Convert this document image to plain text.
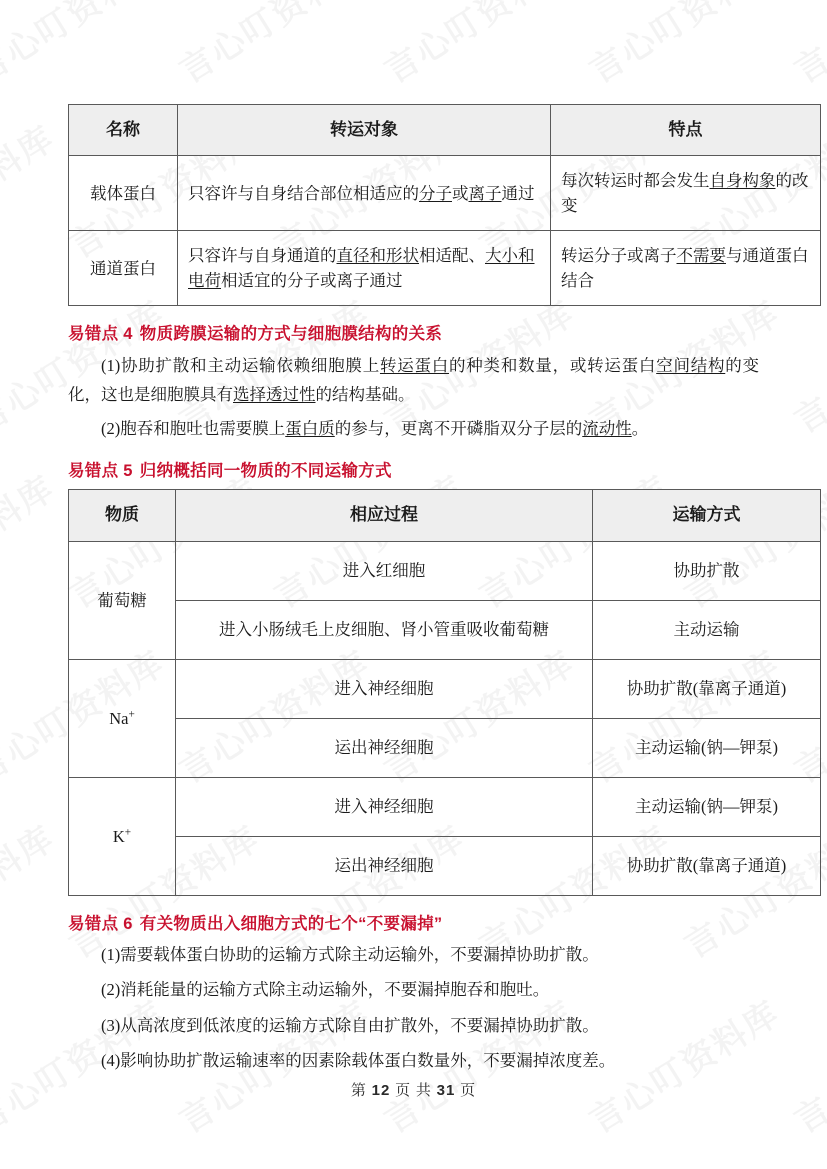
名称	转运对象	特点
载体蛋白	只容许与自身结合部位相适应的分子或离子通过	每次转运时都会发生自身构象的改变
通道蛋白	只容许与自身通道的直径和形状相适配、大小和电荷相适宜的分子或离子通过	转运分子或离子不需要与通道蛋白结合
易错点 4 物质跨膜运输的方式与细胞膜结构的关系

(1)协助扩散和主动运输依赖细胞膜上转运蛋白的种类和数量，或转运蛋白空间结构的变化，这也是细胞膜具有选择透过性的结构基础。

(2)胞吞和胞吐也需要膜上蛋白质的参与，更离不开磷脂双分子层的流动性。

易错点 5 归纳概括同一物质的不同运输方式
物质	相应过程	运输方式
葡萄糖	进入红细胞	协助扩散
	进入小肠绒毛上皮细胞、肾小管重吸收葡萄糖	主动运输
Na+	进入神经细胞	协助扩散(靠离子通道)
	运出神经细胞	主动运输(钠—钾泵)
K+	进入神经细胞	主动运输(钠—钾泵)
	运出神经细胞	协助扩散(靠离子通道)
易错点 6 有关物质出入细胞方式的七个“不要漏掉”

(1)需要载体蛋白协助的运输方式除主动运输外，不要漏掉协助扩散。

(2)消耗能量的运输方式除主动运输外，不要漏掉胞吞和胞吐。

(3)从高浓度到低浓度的运输方式除自由扩散外，不要漏掉协助扩散。

(4)影响协助扩散运输速率的因素除载体蛋白数量外，不要漏掉浓度差。

第 12 页 共 31 页
